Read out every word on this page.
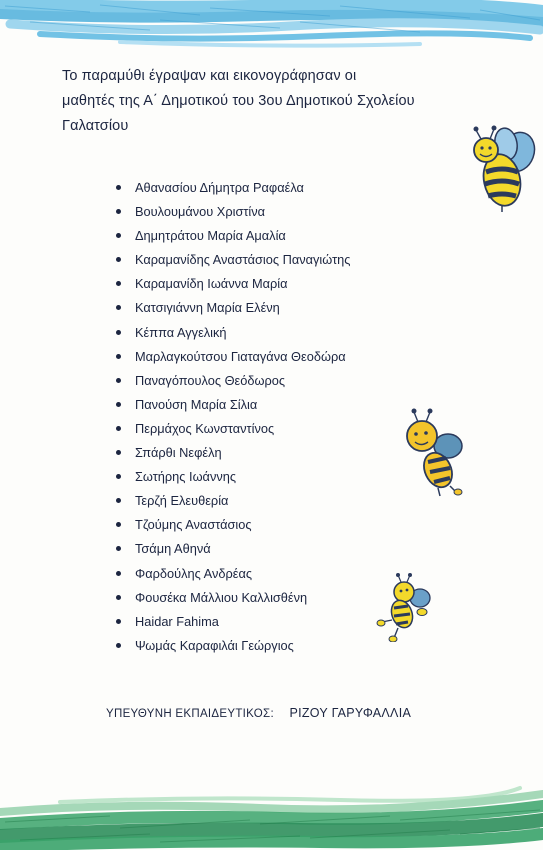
Το παραμύθι έγραψαν και εικονογράφησαν οι
μαθητές της Α΄ Δημοτικού του 3ου Δημοτικού Σχολείου
Γαλατσίου
Αθανασίου Δήμητρα Ραφαέλα
Βουλουμάνου Χριστίνα
Δημητράτου Μαρία Αμαλία
Καραμανίδης Αναστάσιος Παναγιώτης
Καραμανίδη Ιωάννα Μαρία
Κατσιγιάννη Μαρία Ελένη
Κέππα Αγγελική
Μαρλαγκούτσου Γιαταγάνα Θεοδώρα
Παναγόπουλος Θεόδωρος
Πανούση Μαρία Σίλια
Περμάχος Κωνσταντίνος
Σπάρθι Νεφέλη
Σωτήρης Ιωάννης
Τερζή Ελευθερία
Τζούμης Αναστάσιος
Τσάμη Αθηνά
Φαρδούλης Ανδρέας
Φουσέκα Μάλλιου Καλλισθένη
Haidar Fahima
Ψωμάς Καραφιλάι Γεώργιος
ΥΠΕΥΘΥΝΗ ΕΚΠΑΙΔΕΥΤΙΚΟΣ: ΡΙΖΟΥ ΓΑΡΥΦΑΛΛΙΑ
